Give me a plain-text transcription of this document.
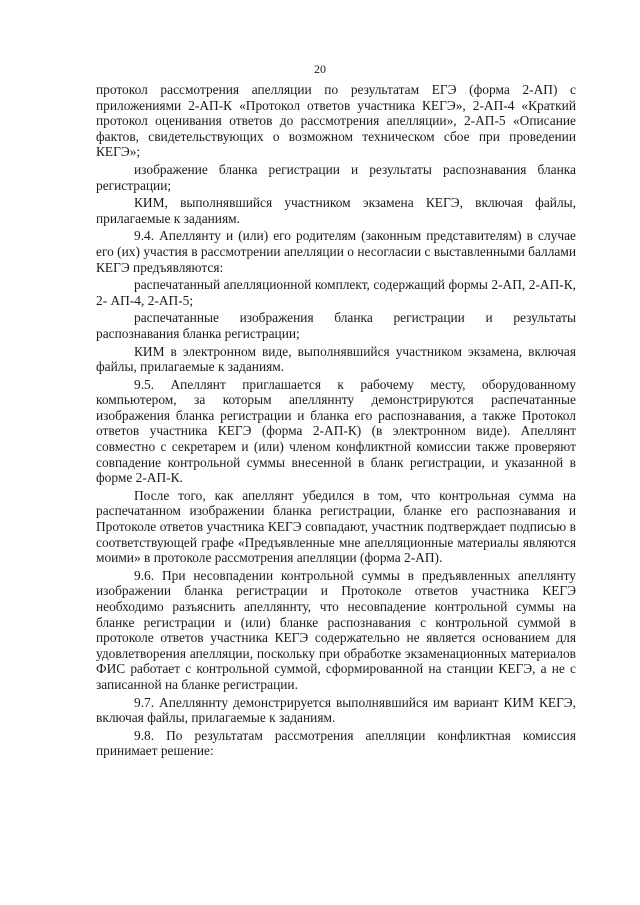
20

протокол рассмотрения апелляции по результатам ЕГЭ (форма 2-АП) с приложениями 2-АП-К «Протокол ответов участника КЕГЭ», 2-АП-4 «Краткий протокол оценивания ответов до рассмотрения апелляции», 2-АП-5 «Описание фактов, свидетельствующих о возможном техническом сбое при проведении КЕГЭ»;

изображение бланка регистрации и результаты распознавания бланка регистрации;

КИМ, выполнявшийся участником экзамена КЕГЭ, включая файлы, прилагаемые к заданиям.

9.4. Апеллянту и (или) его родителям (законным представителям) в случае его (их) участия в рассмотрении апелляции о несогласии с выставленными баллами КЕГЭ предъявляются:

распечатанный апелляционной комплект, содержащий формы 2-АП, 2-АП-К, 2- АП-4, 2-АП-5;

распечатанные изображения бланка регистрации и результаты распознавания бланка регистрации;

КИМ в электронном виде, выполнявшийся участником экзамена, включая файлы, прилагаемые к заданиям.

9.5. Апеллянт приглашается к рабочему месту, оборудованному компьютером, за которым апелляннту демонстрируются распечатанные изображения бланка регистрации и бланка его распознавания, а также Протокол ответов участника КЕГЭ (форма 2-АП-К) (в электронном виде). Апеллянт совместно с секретарем и (или) членом конфликтной комиссии также проверяют совпадение контрольной суммы внесенной в бланк регистрации, и указанной в форме 2-АП-К.

После того, как апеллянт убедился в том, что контрольная сумма на распечатанном изображении бланка регистрации, бланке его распознавания и Протоколе ответов участника КЕГЭ совпадают, участник подтверждает подписью в соответствующей графе «Предъявленные мне апелляционные материалы являются моими» в протоколе рассмотрения апелляции (форма 2-АП).

9.6. При несовпадении контрольной суммы в предъявленных апеллянту изображении бланка регистрации и Протоколе ответов участника КЕГЭ необходимо разъяснить апелляннту, что несовпадение контрольной суммы на бланке регистрации и (или) бланке распознавания с контрольной суммой в протоколе ответов участника КЕГЭ содержательно не является основанием для удовлетворения апелляции, поскольку при обработке экзаменационных материалов ФИС работает с контрольной суммой, сформированной на станции КЕГЭ, а не с записанной на бланке регистрации.

9.7. Апелляннту демонстрируется выполнявшийся им вариант КИМ КЕГЭ, включая файлы, прилагаемые к заданиям.

9.8. По результатам рассмотрения апелляции конфликтная комиссия принимает решение:
